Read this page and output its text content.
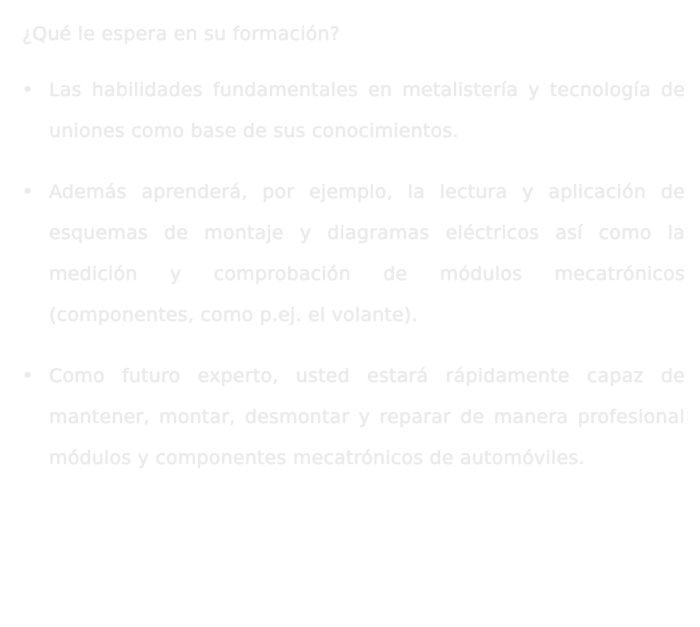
¿Qué le espera en su formación?
• Las habilidades fundamentales en metalistería y tecnología de uniones como base de sus conocimientos.
• Además aprenderá, por ejemplo, la lectura y aplicación de esquemas de montaje y diagramas eléctricos así como la medición y comprobación de módulos mecatrónicos (componentes, como p.ej. el volante).
• Como futuro experto, usted estará rápidamente capaz de mantener, montar, desmontar y reparar de manera profesional módulos y componentes mecatrónicos de automóviles.
